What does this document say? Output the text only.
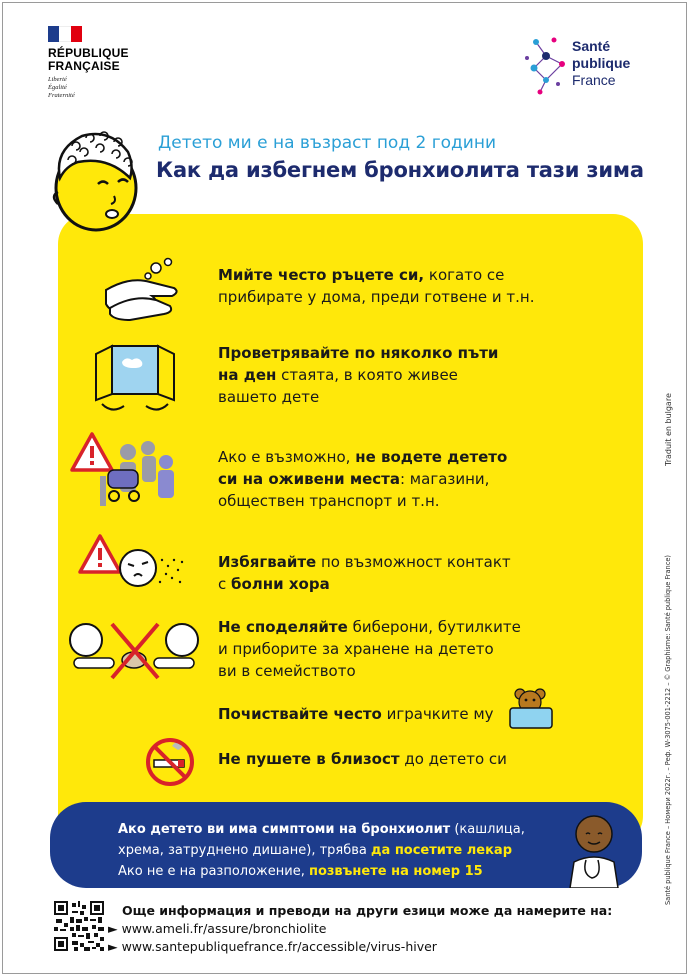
RÉPUBLIQUE
FRANÇAISE
Liberté
Égalité
Fraternité
Santé
publique
France
Детето ми е на възраст под 2 години
Как да избегнем бронхиолита тази зима
Мийте често ръцете си, когато се
прибирате у дома, преди готвене и т.н.
Проветрявайте по няколко пъти
на ден стаята, в която живее
вашето дете
Ако е възможно, не водете детето
си на оживени места: магазини,
обществен транспорт и т.н.
Избягвайте по възможност контакт
с болни хора
Не споделяйте биберони, бутилките
и приборите за хранене на детето
ви в семейството
Почиствайте често играчките му
Не пушете в близост до детето си
Ако детето ви има симптоми на бронхиолит (кашлица,
хрема, затруднено дишане), трябва да посетите лекар
Ако не е на разположение, позвънете на номер 15
Още информация и преводи на други езици може да намерите на:
► www.ameli.fr/assure/bronchiolite
► www.santepubliquefrance.fr/accessible/virus-hiver
Traduit en bulgare
Santé publique France – Номери 2022г. – Реф. W-3075-001-2212 – © Graphisme: Santé publique France)
